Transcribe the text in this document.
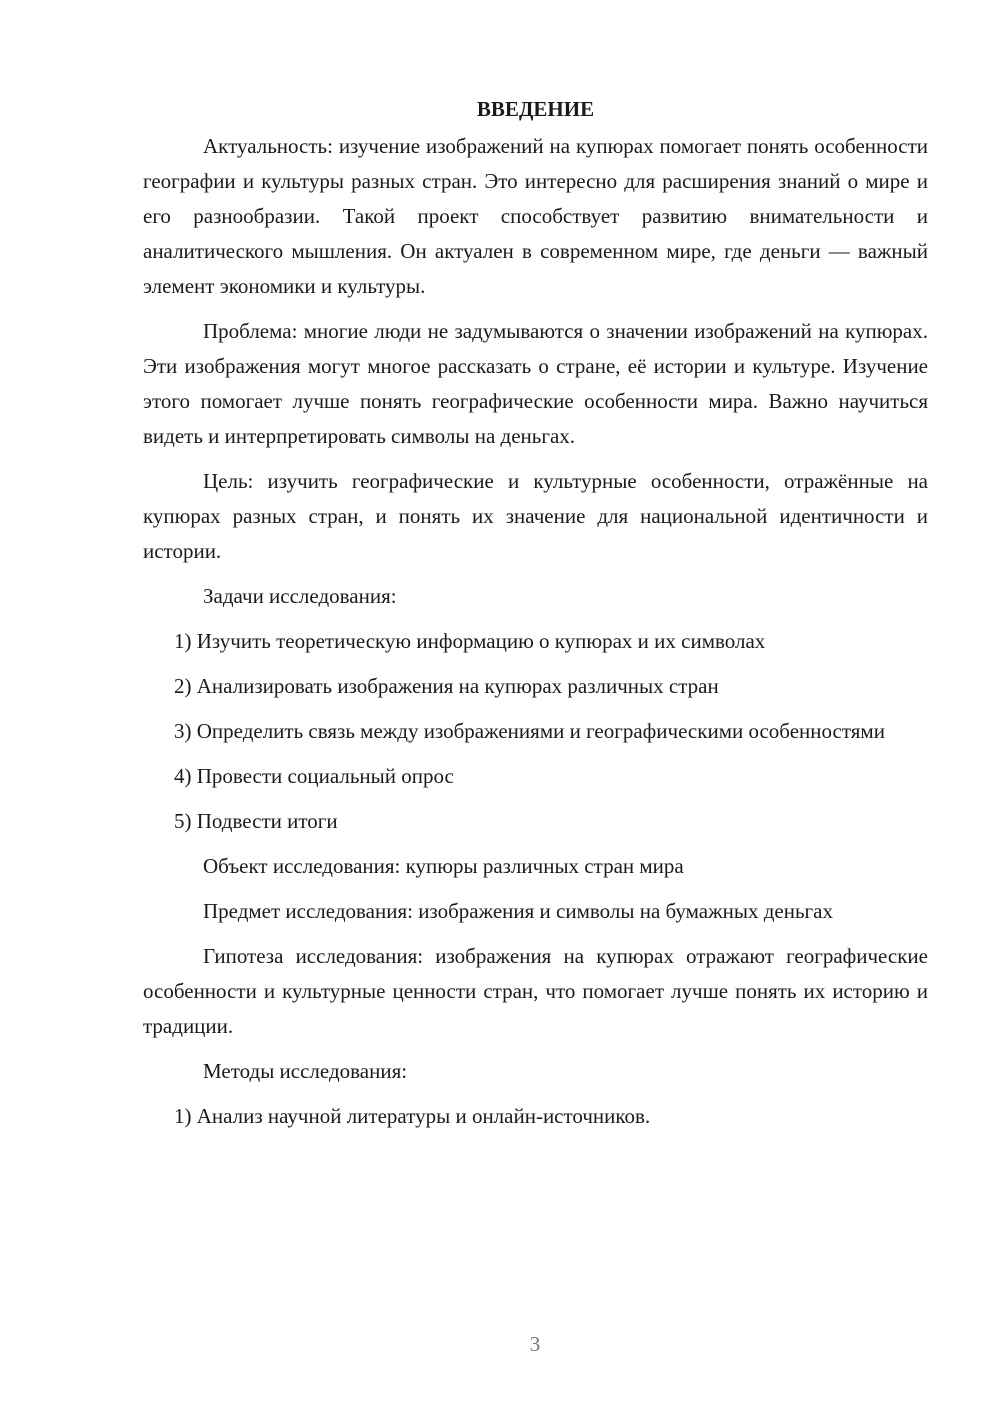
ВВЕДЕНИЕ

Актуальность: изучение изображений на купюрах помогает понять особенности географии и культуры разных стран. Это интересно для расширения знаний о мире и его разнообразии. Такой проект способствует развитию внимательности и аналитического мышления. Он актуален в современном мире, где деньги — важный элемент экономики и культуры.

Проблема: многие люди не задумываются о значении изображений на купюрах. Эти изображения могут многое рассказать о стране, её истории и культуре. Изучение этого помогает лучше понять географические особенности мира. Важно научиться видеть и интерпретировать символы на деньгах.

Цель: изучить географические и культурные особенности, отражённые на купюрах разных стран, и понять их значение для национальной идентичности и истории.

Задачи исследования:

1) Изучить теоретическую информацию о купюрах и их символах

2) Анализировать изображения на купюрах различных стран

3) Определить связь между изображениями и географическими особенностями

4) Провести социальный опрос

5) Подвести итоги

Объект исследования: купюры различных стран мира

Предмет исследования: изображения и символы на бумажных деньгах

Гипотеза исследования: изображения на купюрах отражают географические особенности и культурные ценности стран, что помогает лучше понять их историю и традиции.

Методы исследования:

1) Анализ научной литературы и онлайн-источников.

3
